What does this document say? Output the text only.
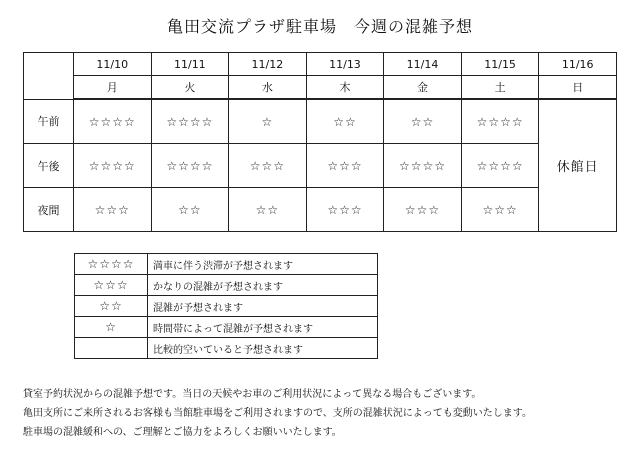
亀田交流プラザ駐車場　今週の混雑予想
	11/10	11/11	11/12	11/13	11/14	11/15	11/16
	月	火	水	木	金	土	日
午前	☆☆☆☆	☆☆☆☆	☆	☆☆	☆☆	☆☆☆☆	休館日
午後	☆☆☆☆	☆☆☆☆	☆☆☆	☆☆☆	☆☆☆☆	☆☆☆☆	
夜間	☆☆☆	☆☆	☆☆	☆☆☆	☆☆☆	☆☆☆	
☆☆☆☆	満車に伴う渋滞が予想されます
☆☆☆	かなりの混雑が予想されます
☆☆	混雑が予想されます
☆	時間帯によって混雑が予想されます
	比較的空いていると予想されます

貸室予約状況からの混雑予想です。当日の天候やお車のご利用状況によって異なる場合もございます。

亀田支所にご来所されるお客様も当館駐車場をご利用されますので、支所の混雑状況によっても変動いたします。

駐車場の混雑緩和への、ご理解とご協力をよろしくお願いいたします。
